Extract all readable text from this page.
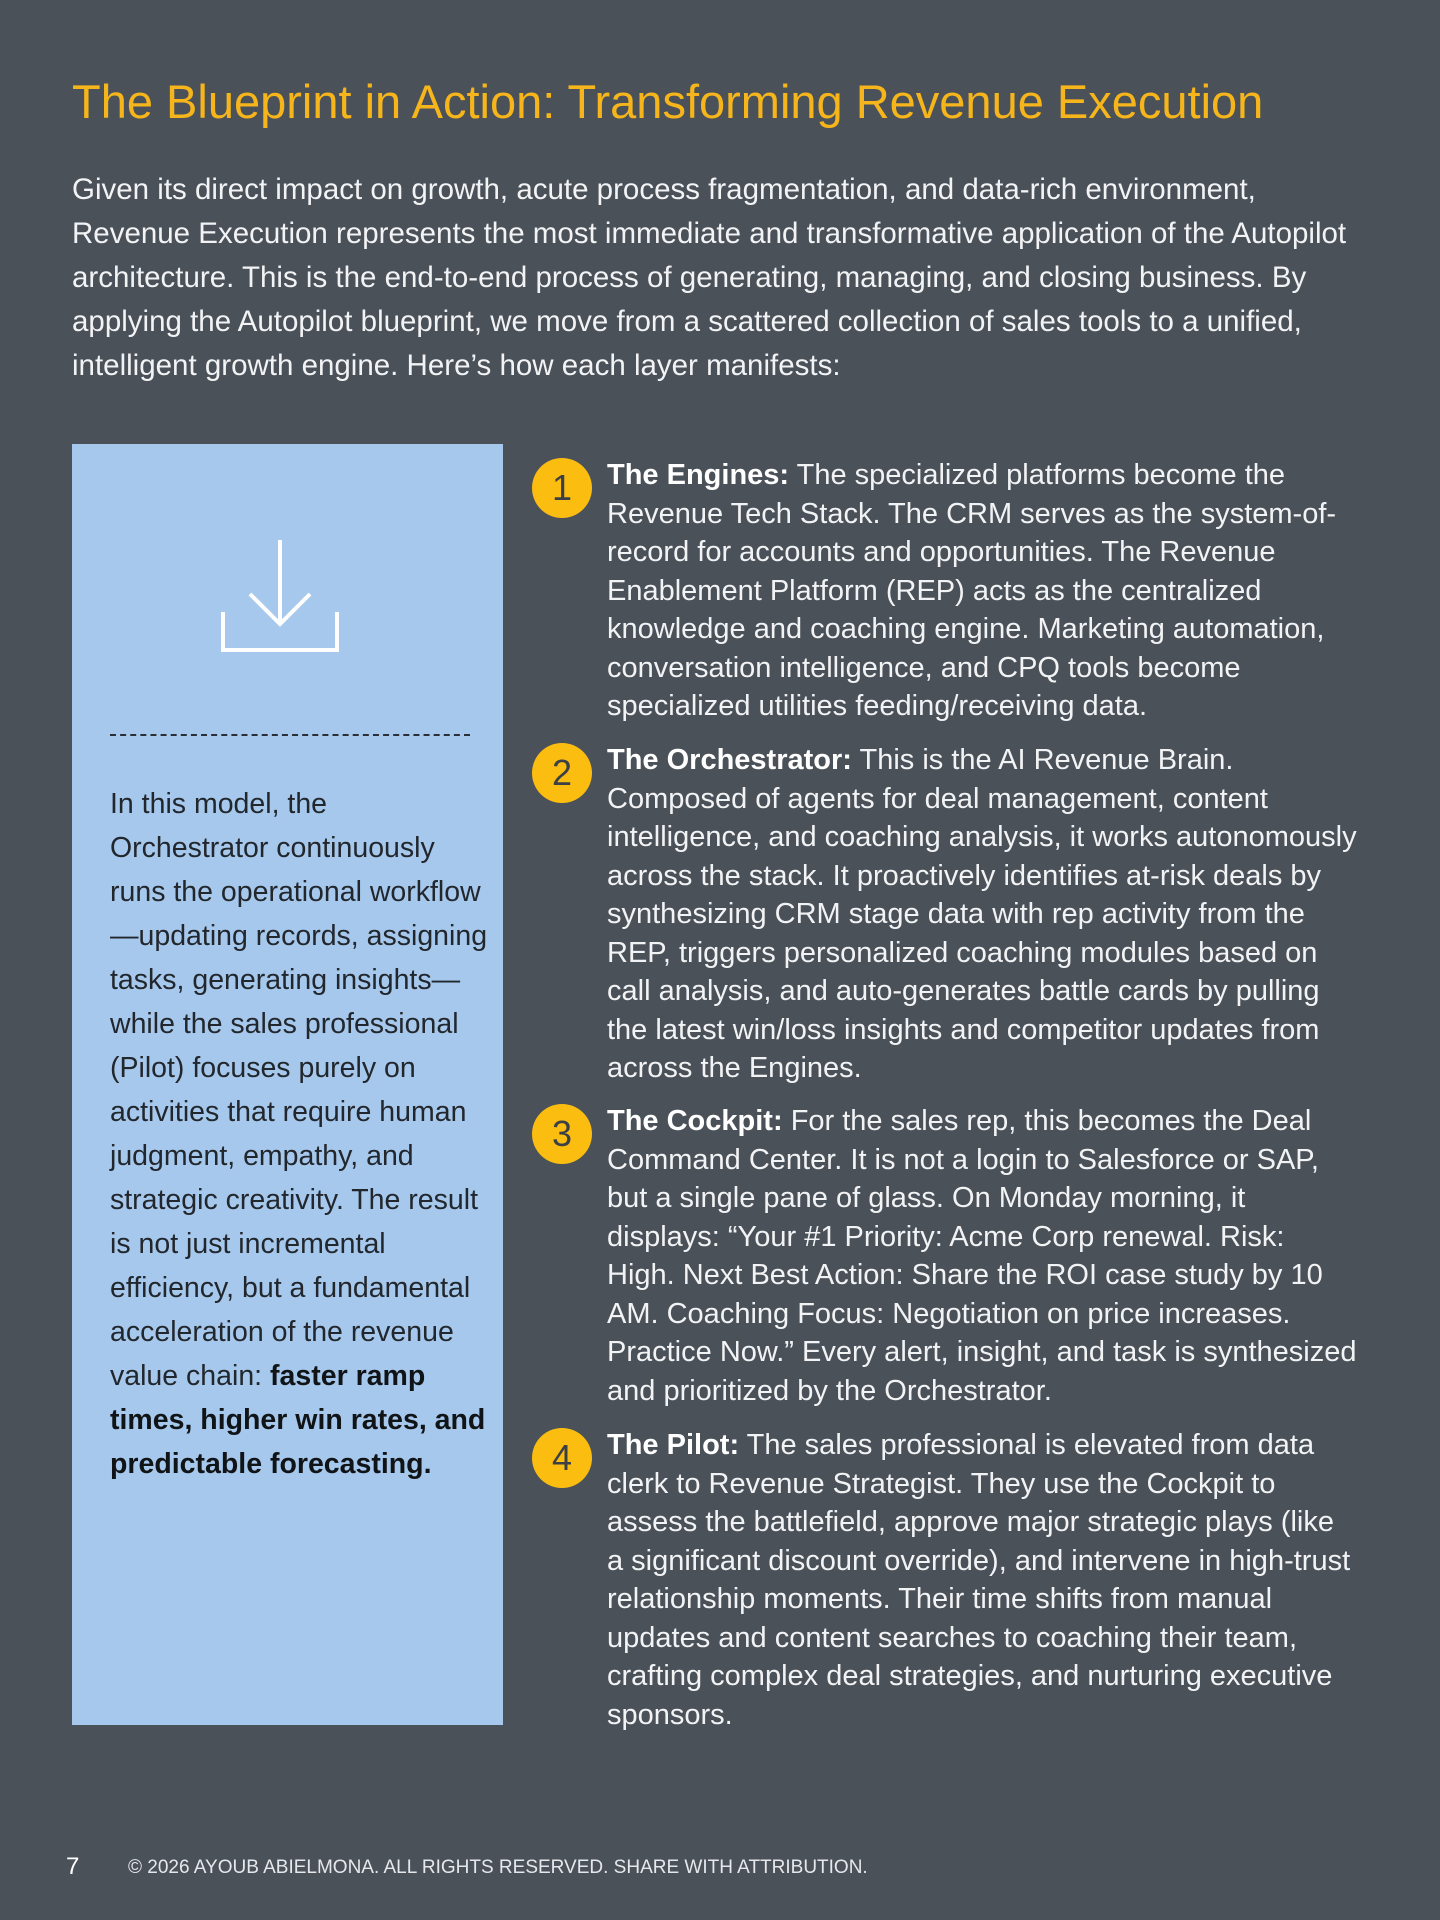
The Blueprint in Action: Transforming Revenue Execution

Given its direct impact on growth, acute process fragmentation, and data-rich environment, Revenue Execution represents the most immediate and transformative application of the Autopilot architecture. This is the end-to-end process of generating, managing, and closing business. By applying the Autopilot blueprint, we move from a scattered collection of sales tools to a unified, intelligent growth engine. Here’s how each layer manifests:

In this model, the Orchestrator continuously runs the operational workflow—updating records, assigning tasks, generating insights—while the sales professional (Pilot) focuses purely on activities that require human judgment, empathy, and strategic creativity. The result is not just incremental efficiency, but a fundamental acceleration of the revenue value chain: faster ramp times, higher win rates, and predictable forecasting.

1	The Engines: The specialized platforms become the Revenue Tech Stack. The CRM serves as the system-of-record for accounts and opportunities. The Revenue Enablement Platform (REP) acts as the centralized knowledge and coaching engine. Marketing automation, conversation intelligence, and CPQ tools become specialized utilities feeding/receiving data.

2	The Orchestrator: This is the AI Revenue Brain. Composed of agents for deal management, content intelligence, and coaching analysis, it works autonomously across the stack. It proactively identifies at-risk deals by synthesizing CRM stage data with rep activity from the REP, triggers personalized coaching modules based on call analysis, and auto-generates battle cards by pulling the latest win/loss insights and competitor updates from across the Engines.

3	The Cockpit: For the sales rep, this becomes the Deal Command Center. It is not a login to Salesforce or SAP, but a single pane of glass. On Monday morning, it displays: “Your #1 Priority: Acme Corp renewal. Risk: High. Next Best Action: Share the ROI case study by 10 AM. Coaching Focus: Negotiation on price increases. Practice Now.” Every alert, insight, and task is synthesized and prioritized by the Orchestrator.

4	The Pilot: The sales professional is elevated from data clerk to Revenue Strategist. They use the Cockpit to assess the battlefield, approve major strategic plays (like a significant discount override), and intervene in high-trust relationship moments. Their time shifts from manual updates and content searches to coaching their team, crafting complex deal strategies, and nurturing executive sponsors.

7	© 2026 AYOUB ABIELMONA. ALL RIGHTS RESERVED. SHARE WITH ATTRIBUTION.
